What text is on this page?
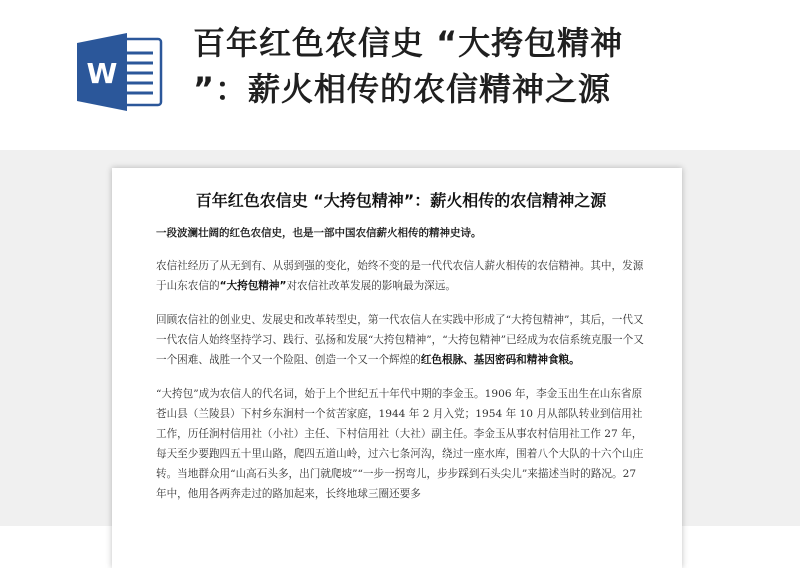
W
百年红色农信史 “大挎包精神
”：薪火相传的农信精神之源
百年红色农信史 “大挎包精神”：薪火相传的农信精神之源

一段波澜壮阔的红色农信史，也是一部中国农信薪火相传的精神史诗。

农信社经历了从无到有、从弱到强的变化，始终不变的是一代代农信人薪火相传的农信精神。其中，发源于山东农信的“大挎包精神”对农信社改革发展的影响最为深远。

回顾农信社的创业史、发展史和改革转型史，第一代农信人在实践中形成了“大挎包精神”，其后，一代又一代农信人始终坚持学习、践行、弘扬和发展“大挎包精神”，“大挎包精神”已经成为农信系统克服一个又一个困难、战胜一个又一个险阻、创造一个又一个辉煌的红色根脉、基因密码和精神食粮。

“大挎包”成为农信人的代名词，始于上个世纪五十年代中期的李金玉。1906 年，李金玉出生在山东省原苍山县（兰陵县）下村乡东涧村一个贫苦家庭，1944 年 2 月入党；1954 年 10 月从部队转业到信用社工作，历任涧村信用社（小社）主任、下村信用社（大社）副主任。李金玉从事农村信用社工作 27 年，每天至少要跑四五十里山路，爬四五道山岭，过六七条河沟，绕过一座水库，围着八个大队的十六个山庄转。当地群众用“山高石头多，出门就爬坡”“一步一拐弯儿，步步踩到石头尖儿”来描述当时的路况。27 年中，他用各两奔走过的路加起来，长终地球三圈还要多
